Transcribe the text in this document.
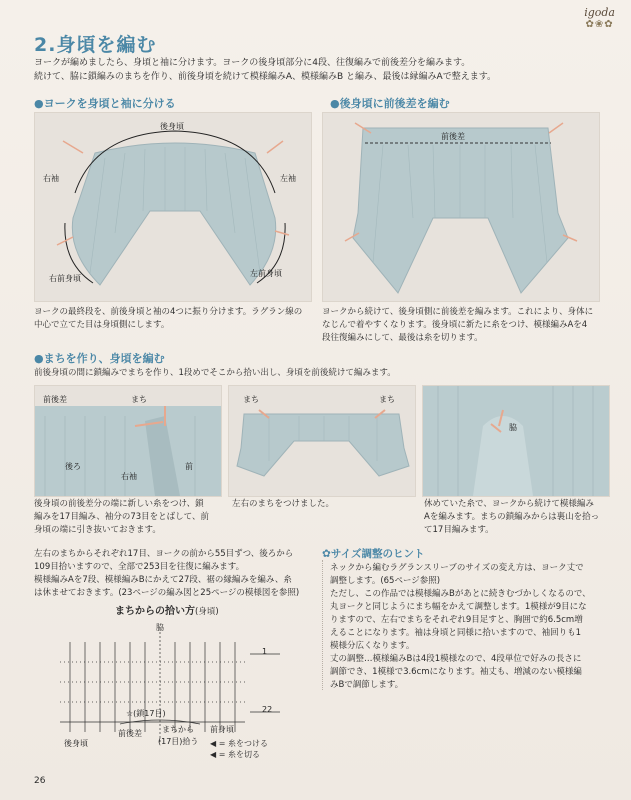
igoda
✿❀✿
2.身頃を編む
ヨークが編めましたら、身頃と袖に分けます。ヨークの後身頃部分に4段、往復編みで前後差分を編みます。
続けて、脇に鎖編みのまちを作り、前後身頃を続けて模様編みA、模様編みB と編み、最後は縁編みAで整えます。
●ヨークを身頃と袖に分ける
後身頃
右袖	左袖
右前身頃
左前身頃
ヨークの最終段を、前後身頃と袖の4つに振り分けます。ラグラン線の
中心で立てた目は身頃側にします。
●後身頃に前後差を編む
前後差
ヨークから続けて、後身頃側に前後差を編みます。これにより、身体に
なじんで着やすくなります。後身頃に新たに糸をつけ、模様編みAを4
段往復編みにして、最後は糸を切ります。
●まちを作り、身頃を編む
前後身頃の間に鎖編みでまちを作り、1段めでそこから拾い出し、身頃を前後続けて編みます。
前後差	まち
後ろ
右袖
前
後身頃の前後差分の端に新しい糸をつけ、鎖
編みを17目編み、袖分の73目をとばして、前
身頃の端に引き抜いておきます。
まち	まち
左右のまちをつけました。
脇
休めていた糸で、ヨークから続けて模様編み
Aを編みます。まちの鎖編みからは裏山を拾っ
て17目編みます。
左右のまちからそれぞれ17目、ヨークの前から55目ずつ、後ろから
109目拾いますので、全部で253目を往復に編みます。
模様編みAを7段、模様編みBにかえて27段、裾の縁編みを編み、糸
は休ませておきます。(23ページの編み図と25ページの模様図を参照)
✿サイズ調整のヒント
ネックから編むラグランスリーブのサイズの変え方は、ヨーク丈で
調整します。(65ページ参照)
ただし、この作品では模様編みBがあとに続きむづかしくなるので、
丸ヨークと同じようにまち幅をかえて調整します。1模様が9目にな
りますので、左右でまちをそれぞれ9目足すと、胸囲で約6.5cm増
えることになります。袖は身頃と同様に拾いますので、袖回りも1
模様分広くなります。
丈の調整…模様編みBは4段1模様なので、4段単位で好みの長さに
調節でき、1模様で3.6cmになります。袖丈も、増減のない模様編
みBで調節します。
まちからの拾い方(身頃)
脇
1
22
☆(鎖17目)
後身頃
前後差	まちから
(17目)拾う
前身頃
◀ = 糸をつける
◀ = 糸を切る
26
